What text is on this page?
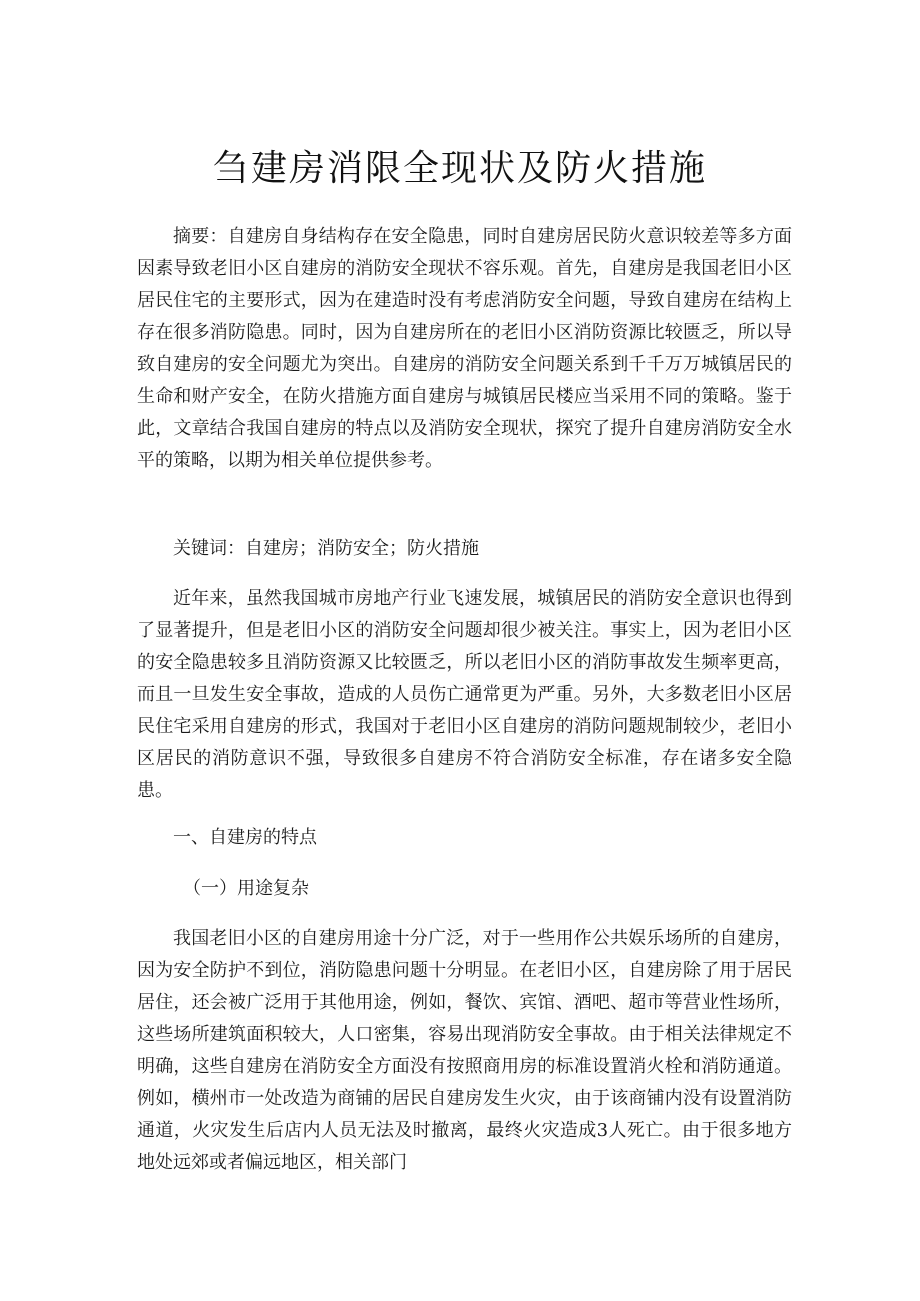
刍建房消限全现状及防火措施

摘要：自建房自身结构存在安全隐患，同时自建房居民防火意识较差等多方面因素导致老旧小区自建房的消防安全现状不容乐观。首先，自建房是我国老旧小区居民住宅的主要形式，因为在建造时没有考虑消防安全问题，导致自建房在结构上存在很多消防隐患。同时，因为自建房所在的老旧小区消防资源比较匮乏，所以导致自建房的安全问题尤为突出。自建房的消防安全问题关系到千千万万城镇居民的生命和财产安全，在防火措施方面自建房与城镇居民楼应当采用不同的策略。鉴于此，文章结合我国自建房的特点以及消防安全现状，探究了提升自建房消防安全水平的策略，以期为相关单位提供参考。

关键词：自建房；消防安全；防火措施

近年来，虽然我国城市房地产行业飞速发展，城镇居民的消防安全意识也得到了显著提升，但是老旧小区的消防安全问题却很少被关注。事实上，因为老旧小区的安全隐患较多且消防资源又比较匮乏，所以老旧小区的消防事故发生频率更高，而且一旦发生安全事故，造成的人员伤亡通常更为严重。另外，大多数老旧小区居民住宅采用自建房的形式，我国对于老旧小区自建房的消防问题规制较少，老旧小区居民的消防意识不强，导致很多自建房不符合消防安全标准，存在诸多安全隐患。

一、自建房的特点

（一）用途复杂

我国老旧小区的自建房用途十分广泛，对于一些用作公共娱乐场所的自建房，因为安全防护不到位，消防隐患问题十分明显。在老旧小区，自建房除了用于居民居住，还会被广泛用于其他用途，例如，餐饮、宾馆、酒吧、超市等营业性场所，这些场所建筑面积较大，人口密集，容易出现消防安全事故。由于相关法律规定不明确，这些自建房在消防安全方面没有按照商用房的标准设置消火栓和消防通道。例如，横州市一处改造为商铺的居民自建房发生火灾，由于该商铺内没有设置消防通道，火灾发生后店内人员无法及时撤离，最终火灾造成3人死亡。由于很多地方地处远郊或者偏远地区，相关部门
